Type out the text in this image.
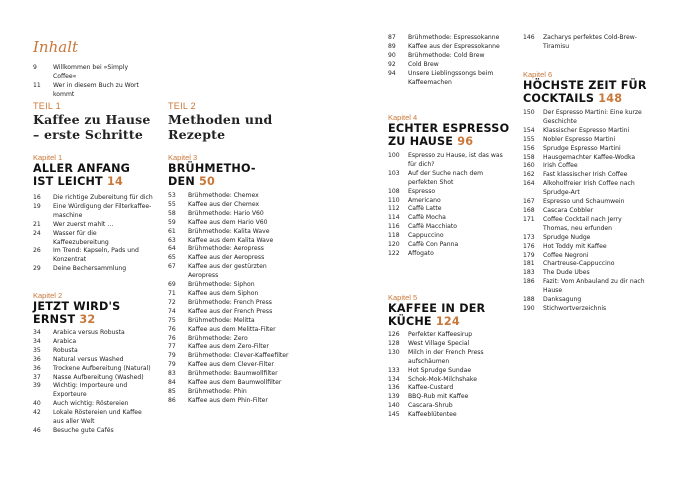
Inhalt
9	Willkommen bei »Simply Coffee«
11	Wer in diesem Buch zu Wort kommt
TEIL 1
Kaffee zu Hause – erste Schritte
Kapitel 1
ALLER ANFANG IST LEICHT 14
16	Die richtige Zubereitung für dich
19	Eine Würdigung der Filterkaffeemaschine
21	Wer zuerst mahlt …
24	Wasser für die Kaffeezubereitung
26	Im Trend: Kapseln, Pads und Konzentrat
29	Deine Bechersammlung
Kapitel 2
JETZT WIRD'S ERNST 32
34	Arabica versus Robusta
34	Arabica
35	Robusta
36	Natural versus Washed
36	Trockene Aufbereitung (Natural)
37	Nasse Aufbereitung (Washed)
39	Wichtig: Importeure und Exporteure
40	Auch wichtig: Röstereien
42	Lokale Röstereien und Kaffee aus aller Welt
46	Besuche gute Cafés
TEIL 2
Methoden und Rezepte
Kapitel 3
BRÜHMETHO-DEN 50
53	Brühmethode: Chemex
55	Kaffee aus der Chemex
58	Brühmethode: Hario V60
59	Kaffee aus dem Hario V60
61	Brühmethode: Kalita Wave
63	Kaffee aus dem Kalita Wave
64	Brühmethode: Aeropress
65	Kaffee aus der Aeropress
67	Kaffee aus der gestürzten Aeropress
69	Brühmethode: Siphon
71	Kaffee aus dem Siphon
72	Brühmethode: French Press
74	Kaffee aus der French Press
75	Brühmethode: Melitta
76	Kaffee aus dem Melitta-Filter
76	Brühmethode: Zero
77	Kaffee aus dem Zero-Filter
79	Brühmethode: Clever-Kaffeefilter
79	Kaffee aus dem Clever-Filter
83	Brühmethode: Baumwollfilter
84	Kaffee aus dem Baumwollfilter
85	Brühmethode: Phin
86	Kaffee aus dem Phin-Filter
87	Brühmethode: Espressokanne
89	Kaffee aus der Espressokanne
90	Brühmethode: Cold Brew
92	Cold Brew
94	Unsere Lieblingssongs beim Kaffeemachen
Kapitel 4
ECHTER ESPRESSO ZU HAUSE 96
100	Espresso zu Hause, ist das was für dich?
103	Auf der Suche nach dem perfekten Shot
108	Espresso
110	Americano
112	Caffè Latte
114	Caffè Mocha
116	Caffè Macchiato
118	Cappuccino
120	Caffè Con Panna
122	Affogato
Kapitel 5
KAFFEE IN DER KÜCHE 124
126	Perfekter Kaffeesirup
128	West Village Special
130	Milch in der French Press aufschäumen
133	Hot Sprudge Sundae
134	Schok-Mok-Milchshake
136	Kaffee-Custard
139	BBQ-Rub mit Kaffee
140	Cascara-Shrub
145	Kaffeeblütentee
146	Zacharys perfektes Cold-Brew-Tiramisu
Kapitel 6
HÖCHSTE ZEIT FÜR COCKTAILS 148
150	Der Espresso Martini: Eine kurze Geschichte
154	Klassischer Espresso Martini
155	Nobler Espresso Martini
156	Sprudge Espresso Martini
158	Hausgemachter Kaffee-Wodka
160	Irish Coffee
162	Fast klassischer Irish Coffee
164	Alkoholfreier Irish Coffee nach Sprudge-Art
167	Espresso und Schaumwein
168	Cascara Cobbler
171	Coffee Cocktail nach Jerry Thomas, neu erfunden
173	Sprudge Nudge
176	Hot Toddy mit Kaffee
179	Coffee Negroni
181	Chartreuse-Cappuccino
183	The Dude Ubes
186	Fazit: Vom Anbauland zu dir nach Hause
188	Danksagung
190	Stichwortverzeichnis
